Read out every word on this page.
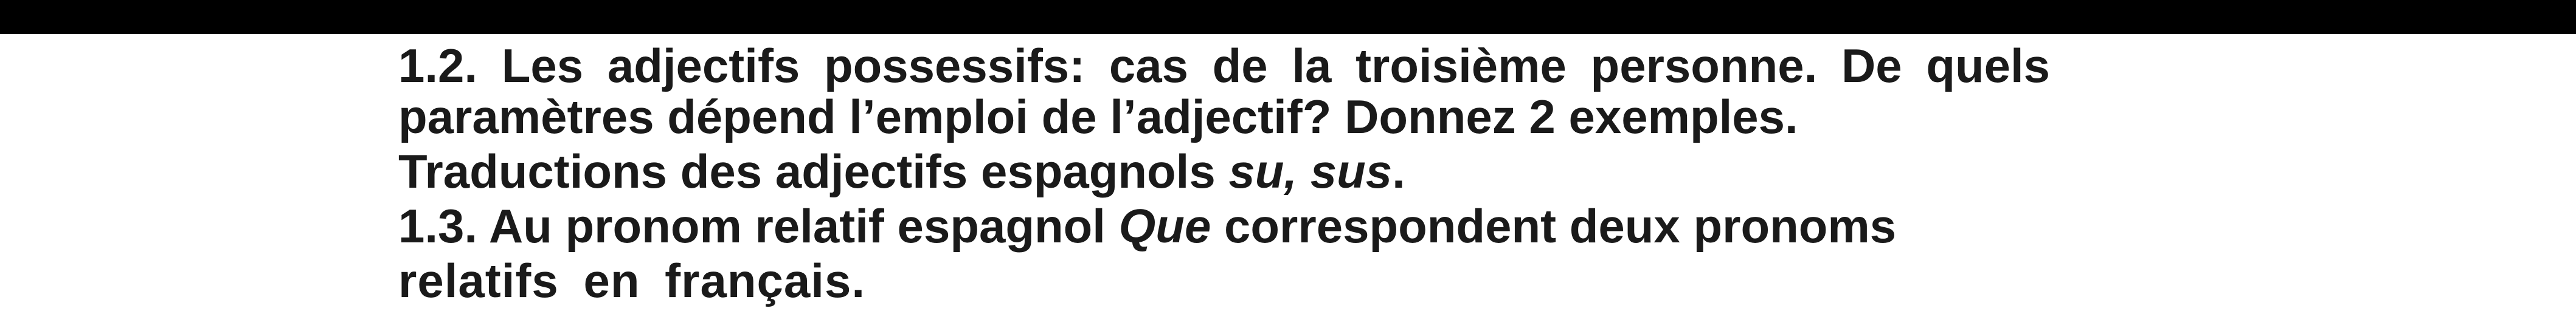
1.2. Les adjectifs possessifs: cas de la troisième personne. De quels
paramètres dépend l’emploi de l’adjectif? Donnez 2 exemples.
Traductions des adjectifs espagnols su, sus.
1.3. Au pronom relatif espagnol Que correspondent deux pronoms
relatifs en français.
